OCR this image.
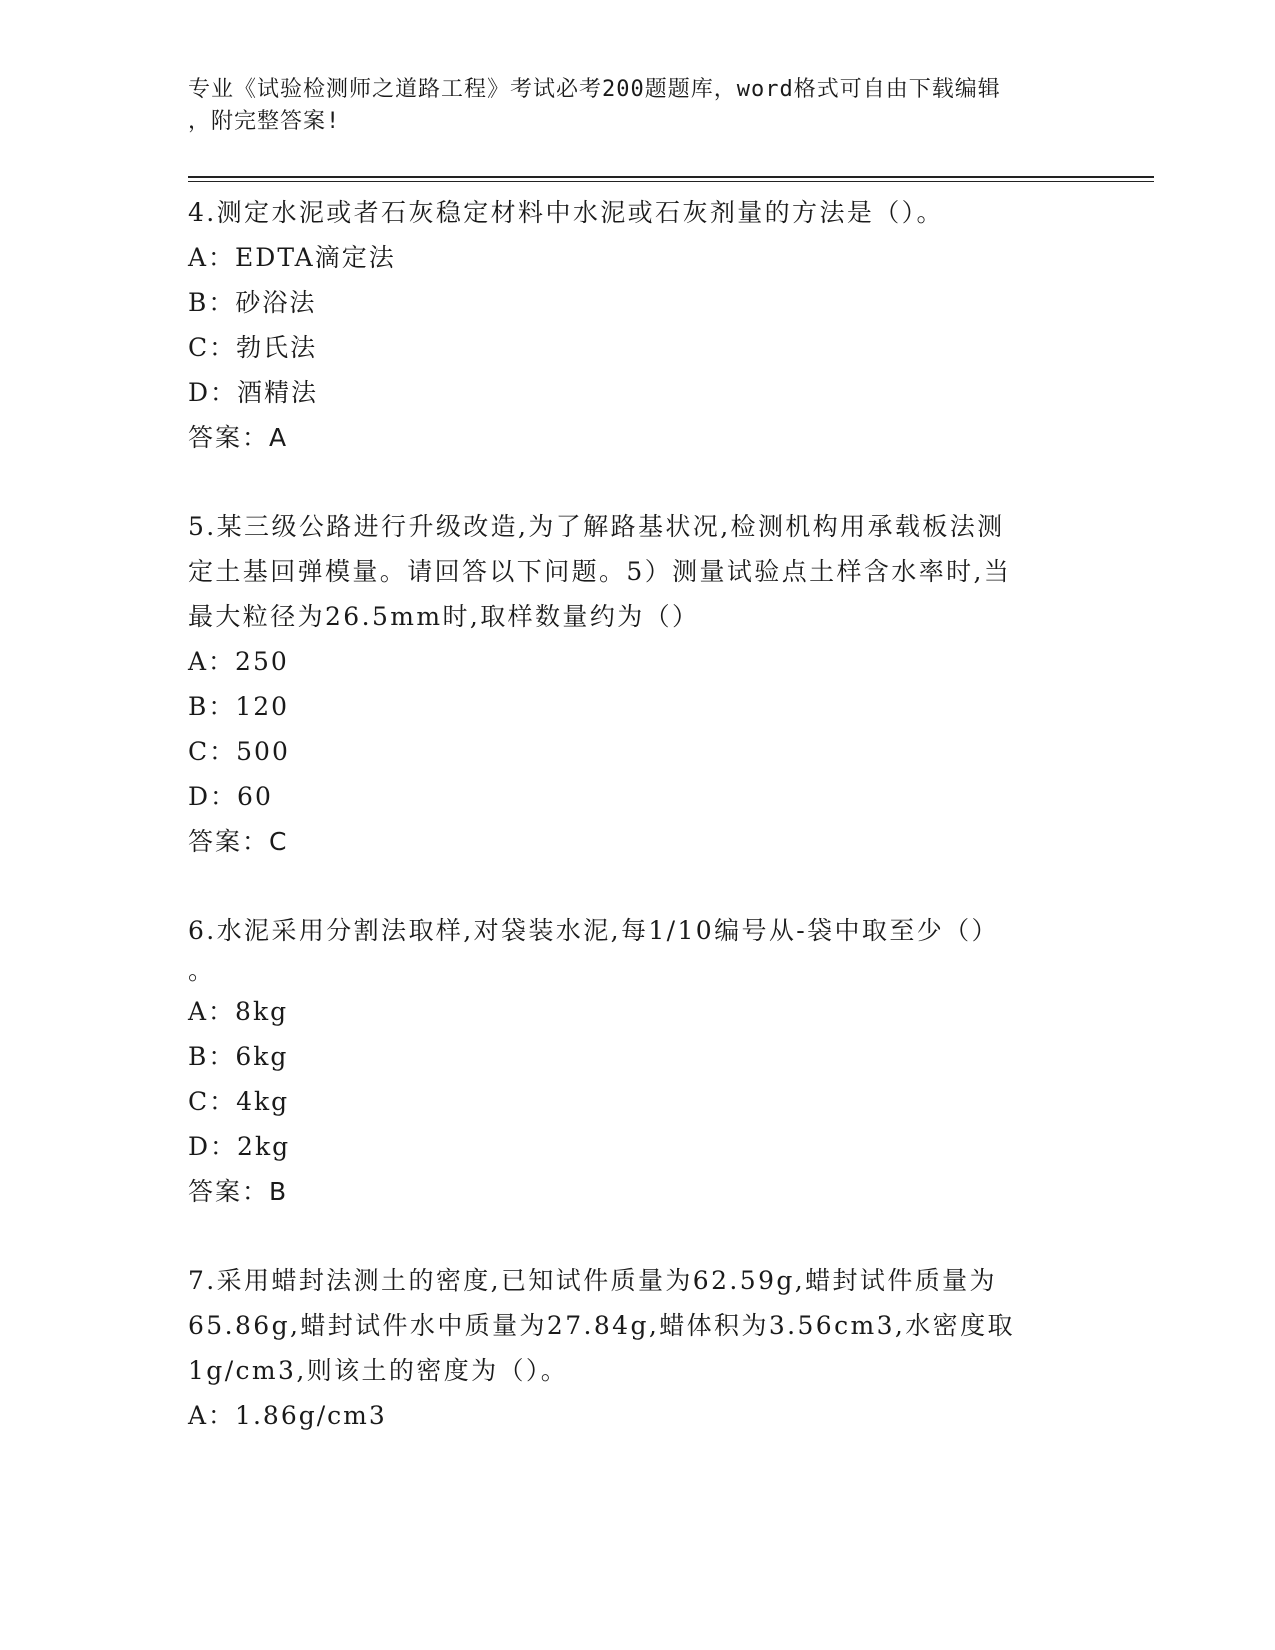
专业《试验检测师之道路工程》考试必考200题题库，word格式可自由下载编辑
，附完整答案!
4.测定水泥或者石灰稳定材料中水泥或石灰剂量的方法是（）。
A：EDTA滴定法
B：砂浴法
C：勃氏法
D：酒精法
答案：A
5.某三级公路进行升级改造,为了解路基状况,检测机构用承载板法测
定土基回弹模量。请回答以下问题。5）测量试验点土样含水率时,当
最大粒径为26.5mm时,取样数量约为（）
A：250
B：120
C：500
D：60
答案：C
6.水泥采用分割法取样,对袋装水泥,每1/10编号从-袋中取至少（）
。
A：8kg
B：6kg
C：4kg
D：2kg
答案：B
7.采用蜡封法测土的密度,已知试件质量为62.59g,蜡封试件质量为
65.86g,蜡封试件水中质量为27.84g,蜡体积为3.56cm3,水密度取
1g/cm3,则该土的密度为（）。
A：1.86g/cm3
